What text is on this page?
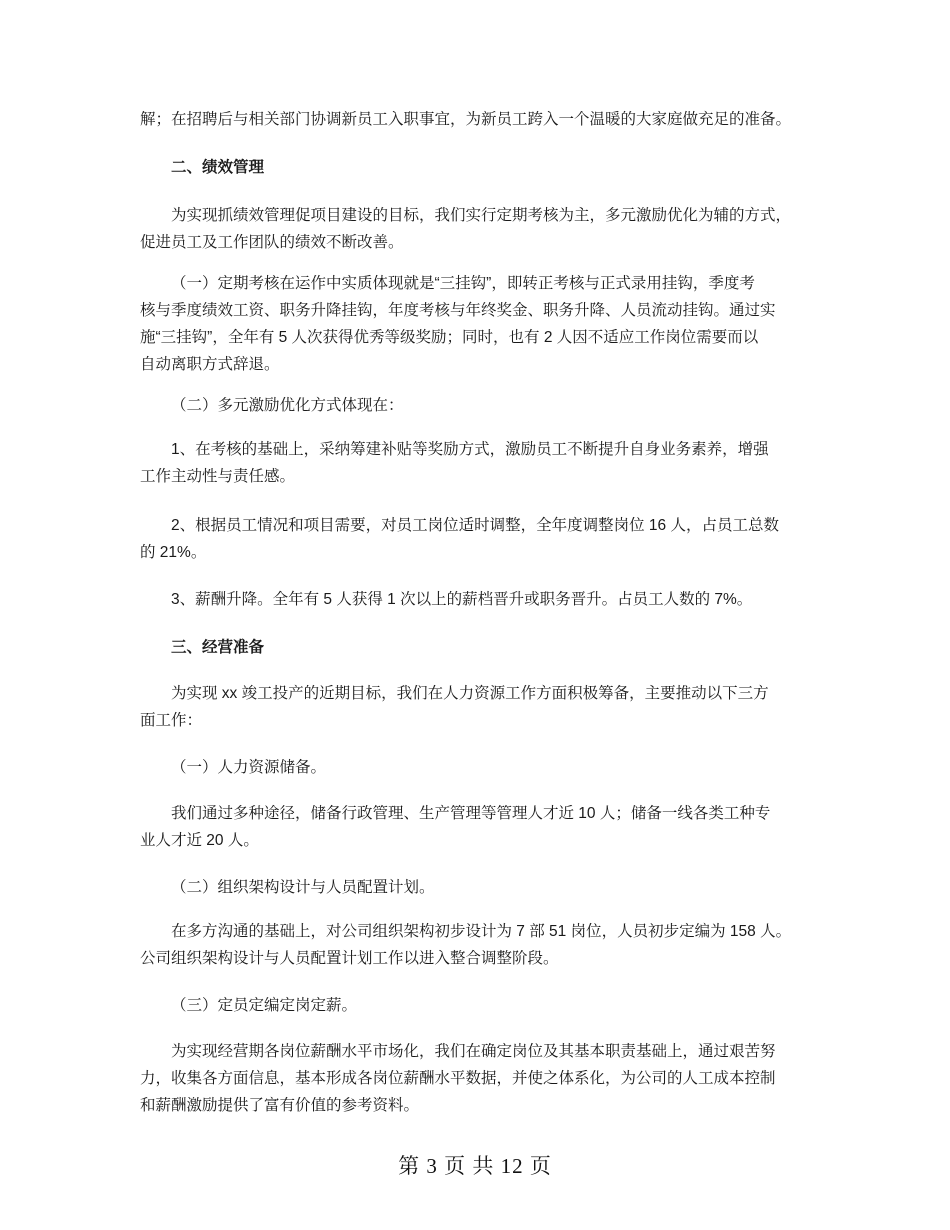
解；在招聘后与相关部门协调新员工入职事宜，为新员工跨入一个温暖的大家庭做充足的准备。

二、绩效管理

为实现抓绩效管理促项目建设的目标，我们实行定期考核为主，多元激励优化为辅的方式，
促进员工及工作团队的绩效不断改善。

（一）定期考核在运作中实质体现就是“三挂钩”，即转正考核与正式录用挂钩，季度考
核与季度绩效工资、职务升降挂钩，年度考核与年终奖金、职务升降、人员流动挂钩。通过实
施“三挂钩”，全年有 5 人次获得优秀等级奖励；同时，也有 2 人因不适应工作岗位需要而以
自动离职方式辞退。

（二）多元激励优化方式体现在：

1、在考核的基础上，采纳筹建补贴等奖励方式，激励员工不断提升自身业务素养，增强
工作主动性与责任感。

2、根据员工情况和项目需要，对员工岗位适时调整，全年度调整岗位 16 人，占员工总数
的 21%。

3、薪酬升降。全年有 5 人获得 1 次以上的薪档晋升或职务晋升。占员工人数的 7%。

三、经营准备

为实现 xx 竣工投产的近期目标，我们在人力资源工作方面积极筹备，主要推动以下三方
面工作：

（一）人力资源储备。

我们通过多种途径，储备行政管理、生产管理等管理人才近 10 人；储备一线各类工种专
业人才近 20 人。

（二）组织架构设计与人员配置计划。

在多方沟通的基础上，对公司组织架构初步设计为 7 部 51 岗位，人员初步定编为 158 人。
公司组织架构设计与人员配置计划工作以进入整合调整阶段。

（三）定员定编定岗定薪。

为实现经营期各岗位薪酬水平市场化，我们在确定岗位及其基本职责基础上，通过艰苦努
力，收集各方面信息，基本形成各岗位薪酬水平数据，并使之体系化，为公司的人工成本控制
和薪酬激励提供了富有价值的参考资料。

第 3 页 共 12 页
